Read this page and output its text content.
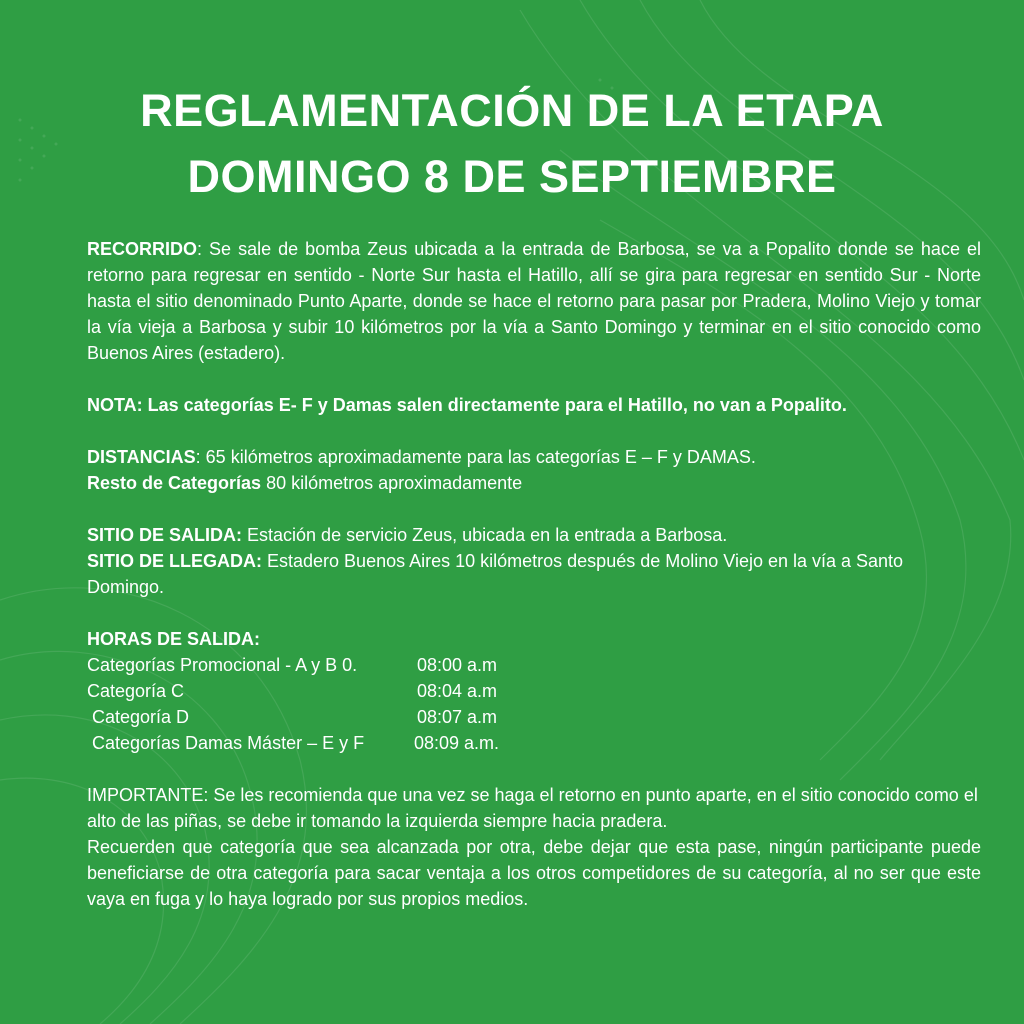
REGLAMENTACIÓN DE LA ETAPA
DOMINGO 8 DE SEPTIEMBRE

RECORRIDO: Se sale de bomba Zeus ubicada a la entrada de Barbosa, se va a Popalito donde se hace el retorno para regresar en sentido - Norte Sur hasta el Hatillo, allí se gira para regresar en sentido Sur - Norte hasta el sitio denominado Punto Aparte, donde se hace el retorno para pasar por Pradera, Molino Viejo y tomar la vía vieja a Barbosa y subir 10 kilómetros por la vía a Santo Domingo y terminar en el sitio conocido como Buenos Aires (estadero).

NOTA: Las categorías E- F y Damas salen directamente para el Hatillo, no van a Popalito.

DISTANCIAS: 65 kilómetros aproximadamente para las categorías E – F y DAMAS.

Resto de Categorías 80 kilómetros aproximadamente

SITIO DE SALIDA: Estación de servicio Zeus, ubicada en la entrada a Barbosa.

SITIO DE LLEGADA: Estadero Buenos Aires 10 kilómetros después de Molino Viejo en la vía a Santo Domingo.

HORAS DE SALIDA:

Categorías Promocional - A y B 0.	08:00 a.m
Categoría C	08:04 a.m
Categoría D	08:07 a.m
Categorías Damas Máster – E y F	08:09 a.m.

IMPORTANTE: Se les recomienda que una vez se haga el retorno en punto aparte, en el sitio conocido como el alto de las piñas, se debe ir tomando la izquierda siempre hacia pradera.

Recuerden que categoría que sea alcanzada por otra, debe dejar que esta pase, ningún participante puede beneficiarse de otra categoría para sacar ventaja a los otros competidores de su categoría, al no ser que este vaya en fuga y lo haya logrado por sus propios medios.
